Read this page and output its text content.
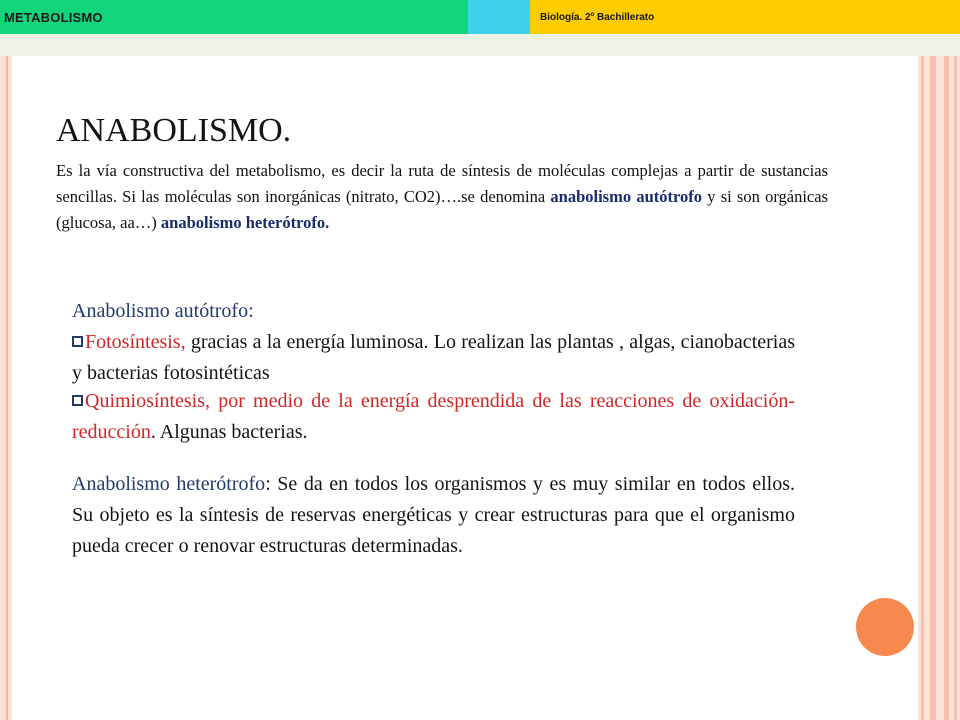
METABOLISMO	Biología. 2º Bachillerato
ANABOLISMO.
Es la vía constructiva del metabolismo, es decir la ruta de síntesis de moléculas complejas a partir de sustancias sencillas. Si las moléculas son inorgánicas (nitrato, CO2)….se denomina anabolismo autótrofo y si son orgánicas (glucosa, aa…) anabolismo heterótrofo.
Anabolismo autótrofo:
Fotosíntesis, gracias a la energía luminosa. Lo realizan las plantas , algas, cianobacterias y bacterias fotosintéticas
Quimiosíntesis, por medio de la energía desprendida de las reacciones de oxidación-reducción. Algunas bacterias.
Anabolismo heterótrofo: Se da en todos los organismos y es muy similar en todos ellos. Su objeto es la síntesis de reservas energéticas y crear estructuras para que el organismo pueda crecer o renovar estructuras determinadas.
